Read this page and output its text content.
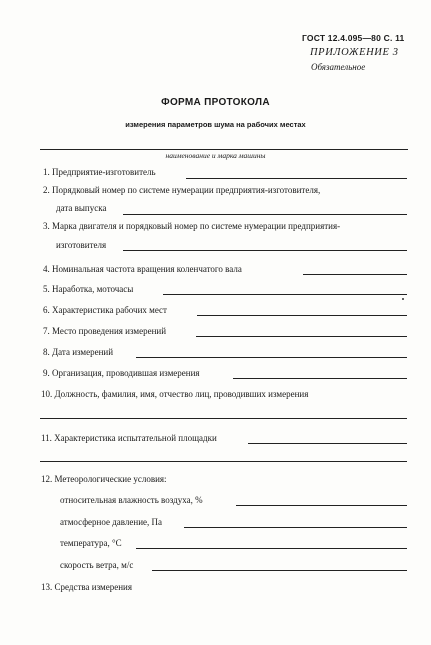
ГОСТ 12.4.095—80 С. 11
ПРИЛОЖЕНИЕ 3
Обязательное
ФОРМА ПРОТОКОЛА
измерения параметров шума на рабочих местах
наименование и марка машины
1. Предприятие-изготовитель
2. Порядковый номер по системе нумерации предприятия-изготовителя,
дата выпуска
3. Марка двигателя и порядковый номер по системе нумерации предприятия-
изготовителя
4. Номинальная частота вращения коленчатого вала
5. Наработка, моточасы
6. Характеристика рабочих мест
7. Место проведения измерений
8. Дата измерений
9. Организация, проводившая измерения
10. Должность, фамилия, имя, отчество лиц, проводивших измерения
11. Характеристика испытательной площадки
12. Метеорологические условия:
относительная влажность воздуха, %
атмосферное давление, Па
температура, °С
скорость ветра, м/с
13. Средства измерения
